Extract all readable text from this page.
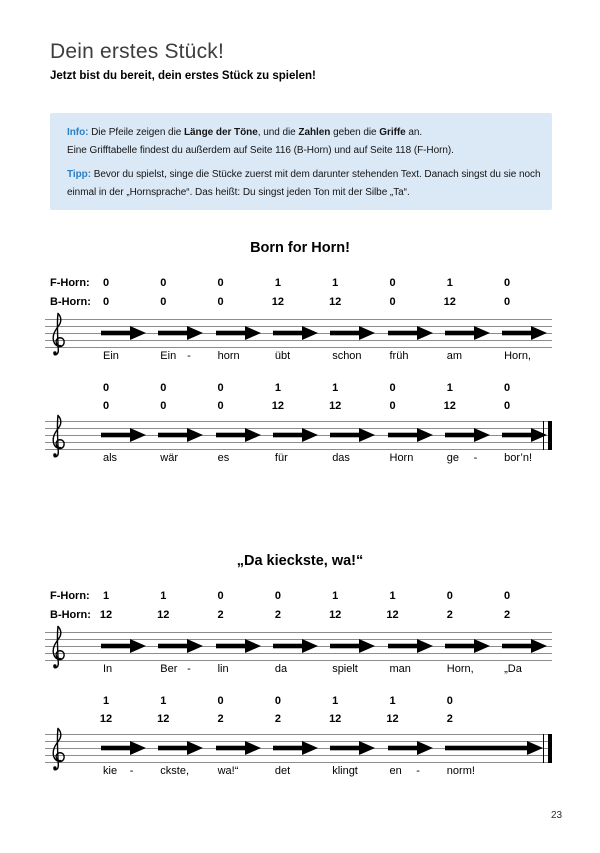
Dein erstes Stück!
Jetzt bist du bereit, dein erstes Stück zu spielen!
Info: Die Pfeile zeigen die Länge der Töne, und die Zahlen geben die Griffe an.
Eine Grifftabelle findest du außerdem auf Seite 116 (B-Horn) und auf Seite 118 (F-Horn).
Tipp: Bevor du spielst, singe die Stücke zuerst mit dem darunter stehenden Text. Danach singst du sie noch
einmal in der „Hornsprache“. Das heißt: Du singst jeden Ton mit der Silbe „Ta“.
Born for Horn!
F-Horn:
B-Horn:
0	0	0	1	1	0	1	0
0	0	0	12	12	0	12	0
Ein	Ein	horn	übt	schon	früh	am	Horn,
-
0	0	0	1	1	0	1	0
0	0	0	12	12	0	12	0
als	wär	es	für	das	Horn	ge	bor’n!
-
„Da kieckste, wa!“
F-Horn:
B-Horn:
1	1	0	0	1	1	0	0
12	12	2	2	12	12	2	2
In	Ber	lin	da	spielt	man	Horn,	„Da
-
1	1	0	0	1	1	0
12	12	2	2	12	12	2
kie	ckste,	wa!“	det	klingt	en	norm!
-	-
23
